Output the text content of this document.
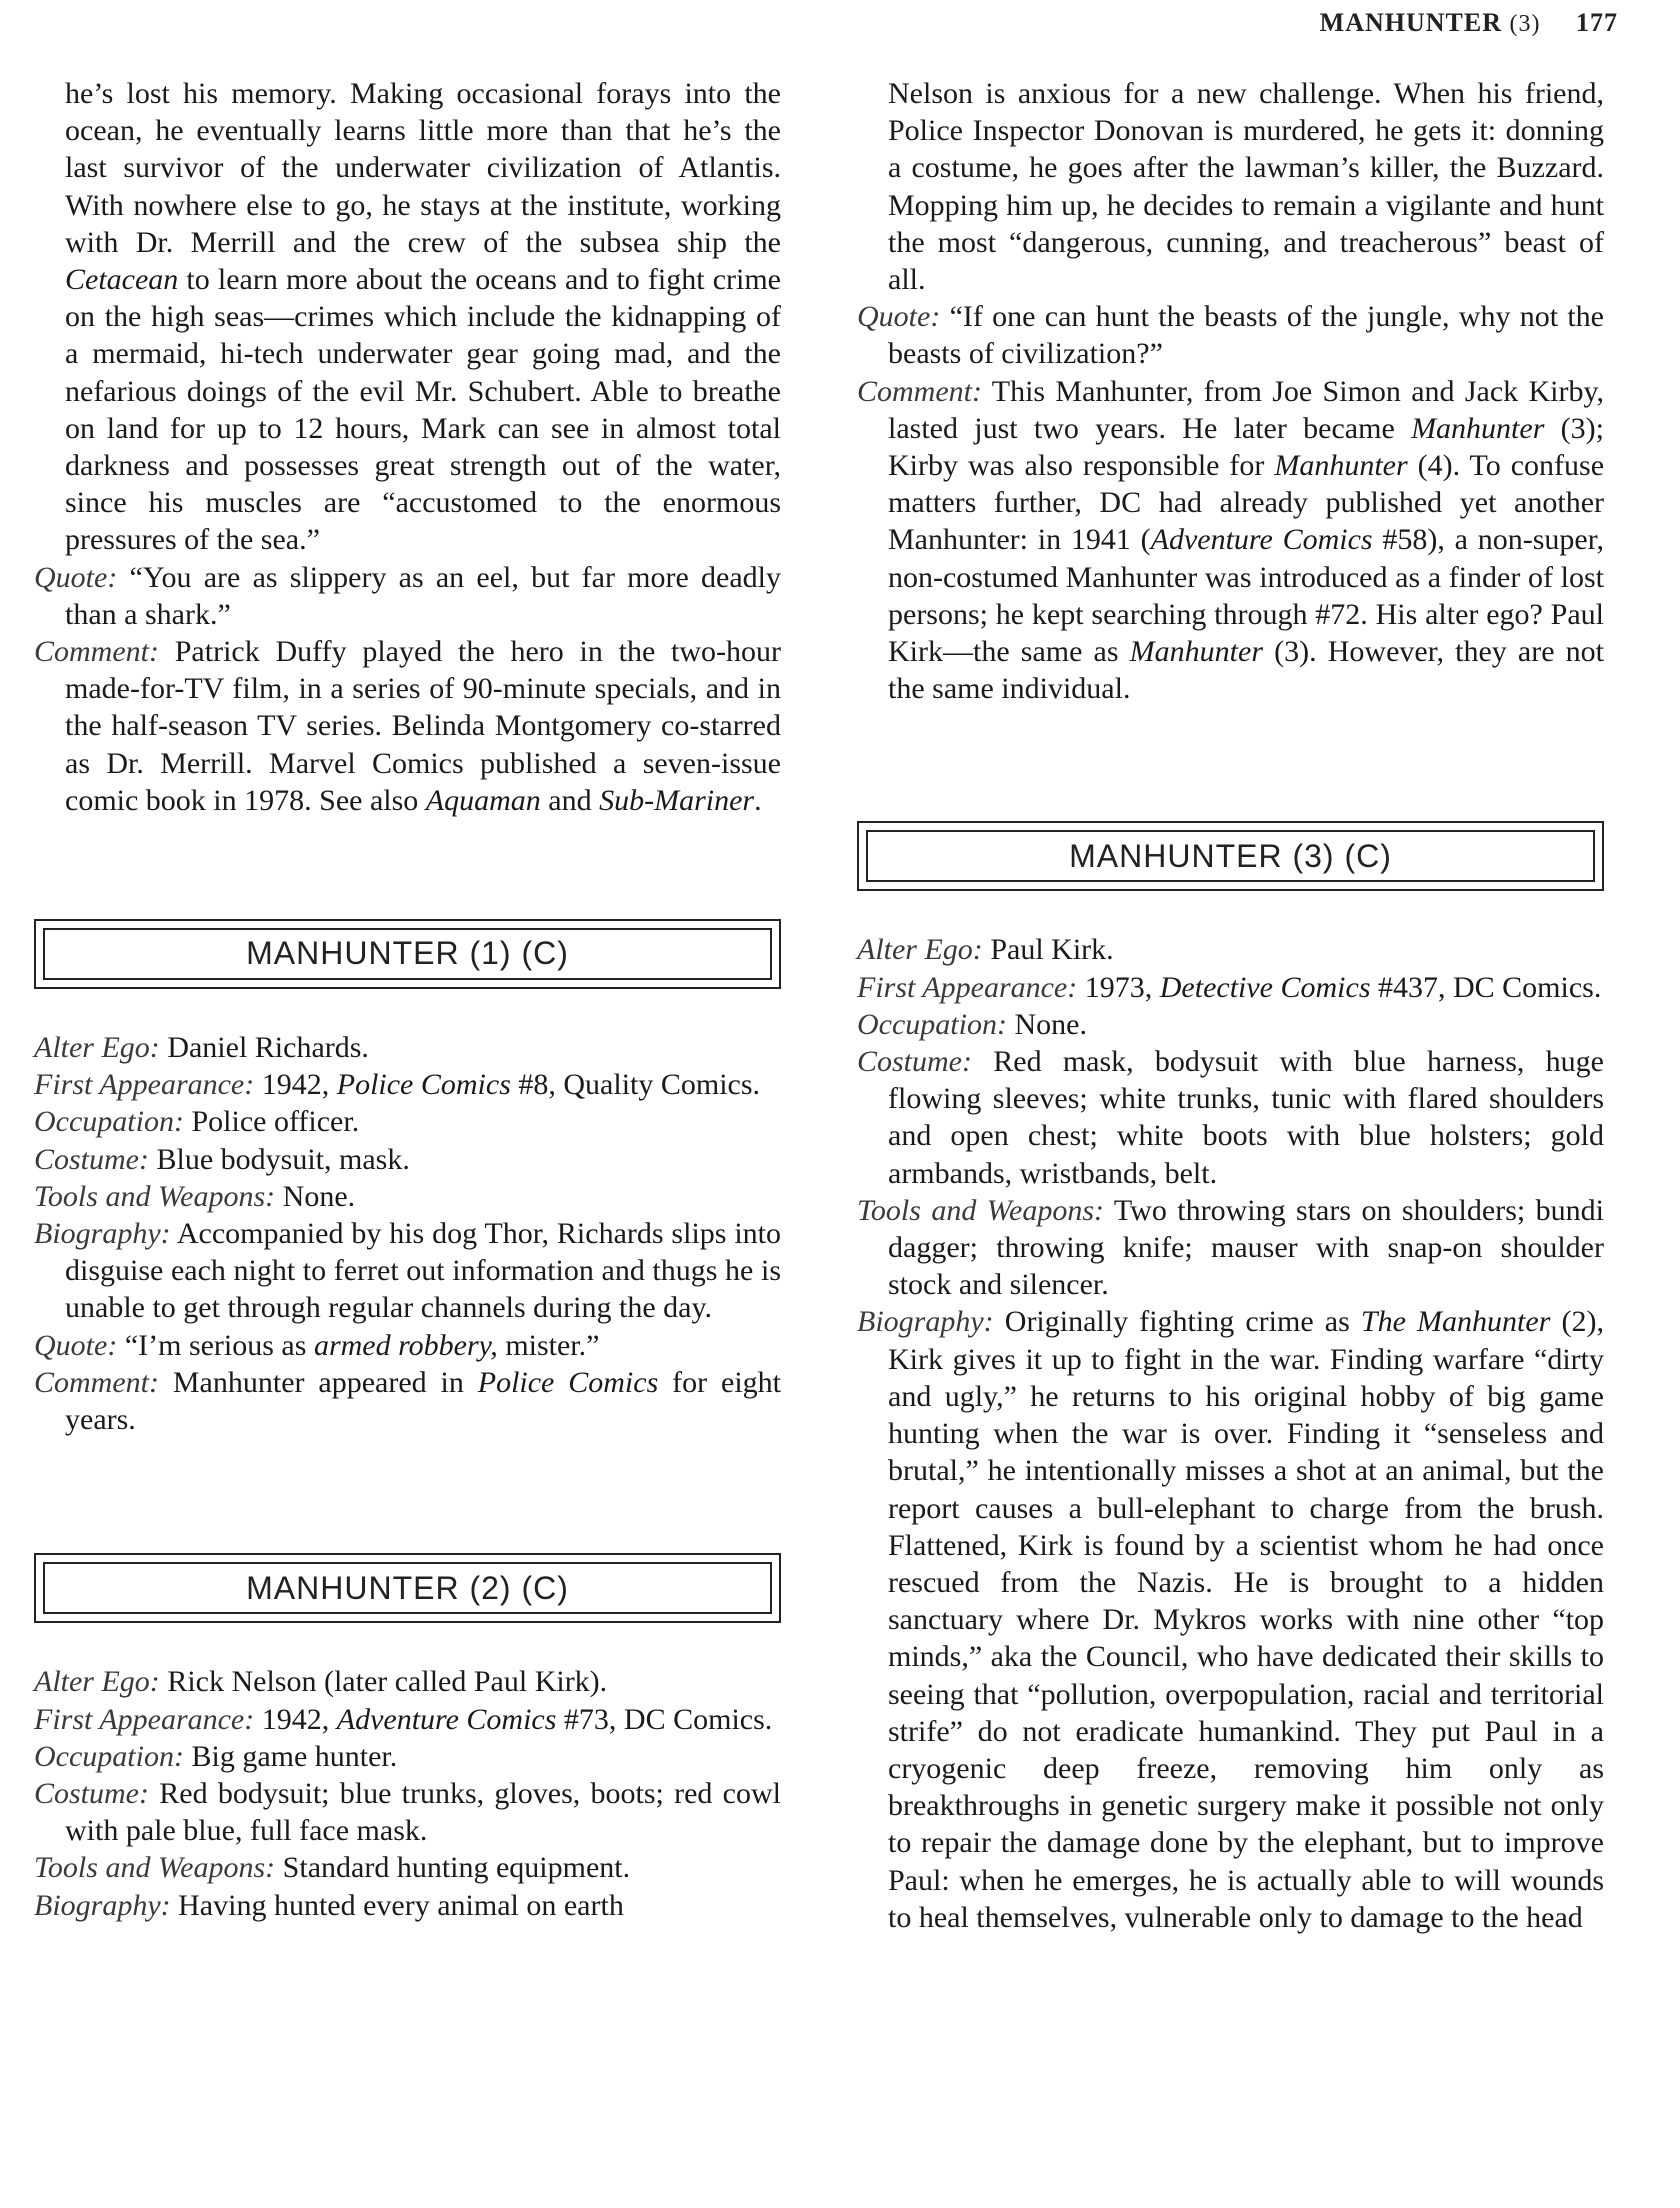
MANHUNTER (3) 177

he’s lost his memory. Making occasional forays into the ocean, he eventually learns little more than that he’s the last survivor of the underwater civilization of Atlantis. With nowhere else to go, he stays at the institute, working with Dr. Merrill and the crew of the subsea ship the Cetacean to learn more about the oceans and to fight crime on the high seas—crimes which include the kidnapping of a mermaid, hi-tech underwater gear going mad, and the nefarious doings of the evil Mr. Schubert. Able to breathe on land for up to 12 hours, Mark can see in almost total darkness and possesses great strength out of the water, since his muscles are “accustomed to the enormous pressures of the sea.”

Quote: “You are as slippery as an eel, but far more deadly than a shark.”

Comment: Patrick Duffy played the hero in the two-hour made-for-TV film, in a series of 90-minute specials, and in the half-season TV series. Belinda Montgomery co-starred as Dr. Merrill. Marvel Comics published a seven-issue comic book in 1978. See also Aquaman and Sub-Mariner.

MANHUNTER (1) (C)

Alter Ego: Daniel Richards.

First Appearance: 1942, Police Comics #8, Quality Comics.

Occupation: Police officer.

Costume: Blue bodysuit, mask.

Tools and Weapons: None.

Biography: Accompanied by his dog Thor, Richards slips into disguise each night to ferret out information and thugs he is unable to get through regular channels during the day.

Quote: “I’m serious as armed robbery, mister.”

Comment: Manhunter appeared in Police Comics for eight years.

MANHUNTER (2) (C)

Alter Ego: Rick Nelson (later called Paul Kirk).

First Appearance: 1942, Adventure Comics #73, DC Comics.

Occupation: Big game hunter.

Costume: Red bodysuit; blue trunks, gloves, boots; red cowl with pale blue, full face mask.

Tools and Weapons: Standard hunting equipment.

Biography: Having hunted every animal on earth

Nelson is anxious for a new challenge. When his friend, Police Inspector Donovan is murdered, he gets it: donning a costume, he goes after the lawman’s killer, the Buzzard. Mopping him up, he decides to remain a vigilante and hunt the most “dangerous, cunning, and treacherous” beast of all.

Quote: “If one can hunt the beasts of the jungle, why not the beasts of civilization?”

Comment: This Manhunter, from Joe Simon and Jack Kirby, lasted just two years. He later became Manhunter (3); Kirby was also responsible for Manhunter (4). To confuse matters further, DC had already published yet another Manhunter: in 1941 (Adventure Comics #58), a non-super, non-costumed Manhunter was introduced as a finder of lost persons; he kept searching through #72. His alter ego? Paul Kirk—the same as Manhunter (3). However, they are not the same individual.

MANHUNTER (3) (C)

Alter Ego: Paul Kirk.

First Appearance: 1973, Detective Comics #437, DC Comics.

Occupation: None.

Costume: Red mask, bodysuit with blue harness, huge flowing sleeves; white trunks, tunic with flared shoulders and open chest; white boots with blue holsters; gold armbands, wristbands, belt.

Tools and Weapons: Two throwing stars on shoulders; bundi dagger; throwing knife; mauser with snap-on shoulder stock and silencer.

Biography: Originally fighting crime as The Manhunter (2), Kirk gives it up to fight in the war. Finding warfare “dirty and ugly,” he returns to his original hobby of big game hunting when the war is over. Finding it “senseless and brutal,” he intentionally misses a shot at an animal, but the report causes a bull-elephant to charge from the brush. Flattened, Kirk is found by a scientist whom he had once rescued from the Nazis. He is brought to a hidden sanctuary where Dr. Mykros works with nine other “top minds,” aka the Council, who have dedicated their skills to seeing that “pollution, overpopulation, racial and territorial strife” do not eradicate humankind. They put Paul in a cryogenic deep freeze, removing him only as breakthroughs in genetic surgery make it possible not only to repair the damage done by the elephant, but to improve Paul: when he emerges, he is actually able to will wounds to heal themselves, vulnerable only to damage to the head
